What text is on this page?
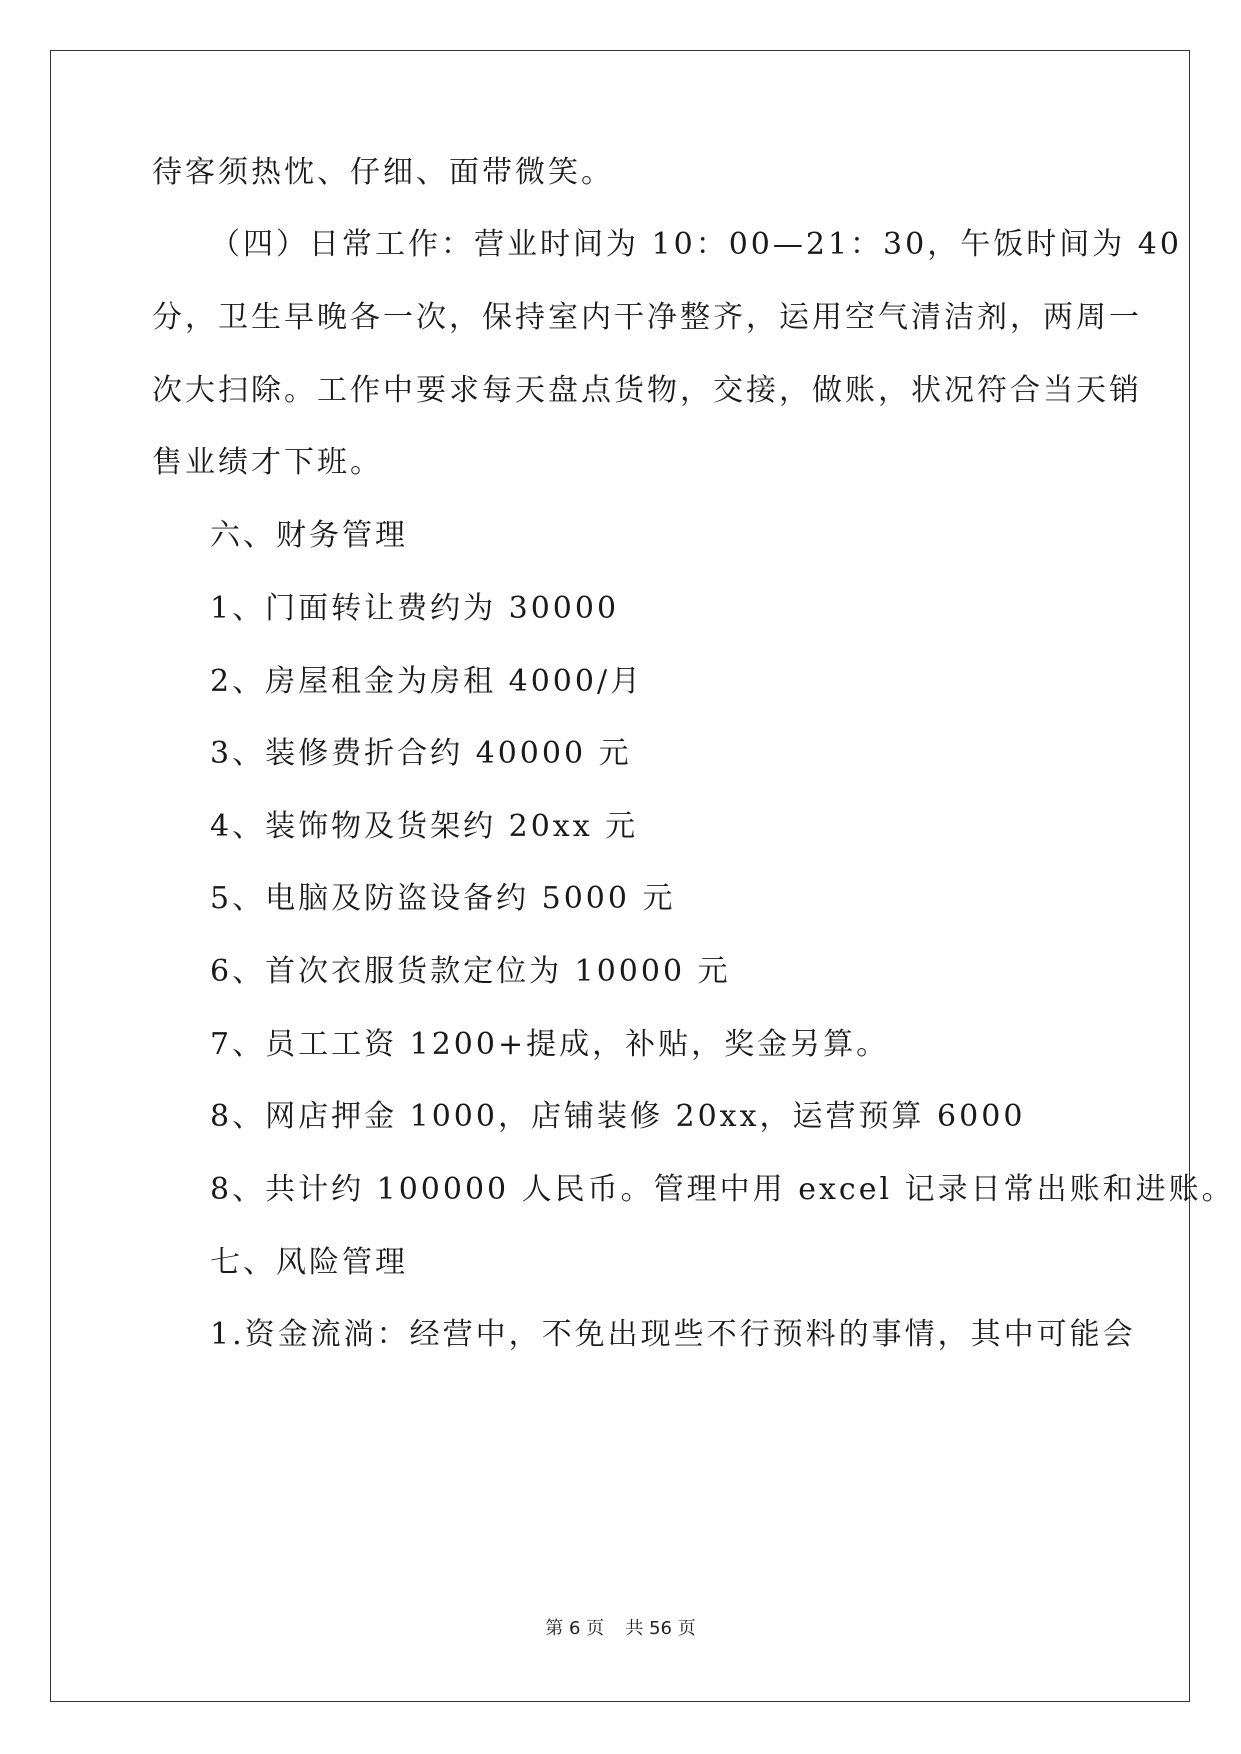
待客须热忱、仔细、面带微笑。
（四）日常工作：营业时间为 10：00—21：30，午饭时间为 40
分，卫生早晚各一次，保持室内干净整齐，运用空气清洁剂，两周一
次大扫除。工作中要求每天盘点货物，交接，做账，状况符合当天销
售业绩才下班。
六、财务管理
1、门面转让费约为 30000
2、房屋租金为房租 4000/月
3、装修费折合约 40000 元
4、装饰物及货架约 20xx 元
5、电脑及防盗设备约 5000 元
6、首次衣服货款定位为 10000 元
7、员工工资 1200+提成，补贴，奖金另算。
8、网店押金 1000，店铺装修 20xx，运营预算 6000
8、共计约 100000 人民币。管理中用 excel 记录日常出账和进账。
七、风险管理
1.资金流淌：经营中，不免出现些不行预料的事情，其中可能会
第 6 页 共 56 页
